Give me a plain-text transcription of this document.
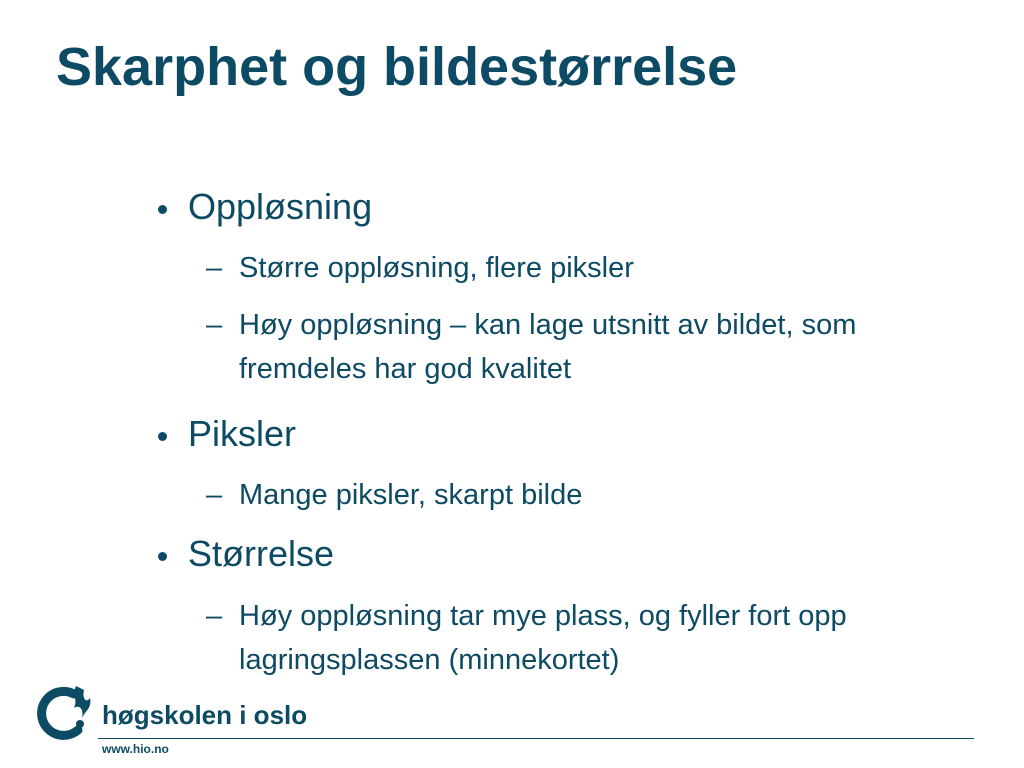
Skarphet og bildestørrelse
Oppløsning
– Større oppløsning, flere piksler
– Høy oppløsning – kan lage utsnitt av bildet, som fremdeles har god kvalitet
Piksler
– Mange piksler, skarpt bilde
Størrelse
– Høy oppløsning tar mye plass, og fyller fort opp lagringsplassen (minnekortet)
høgskolen i oslo
www.hio.no
